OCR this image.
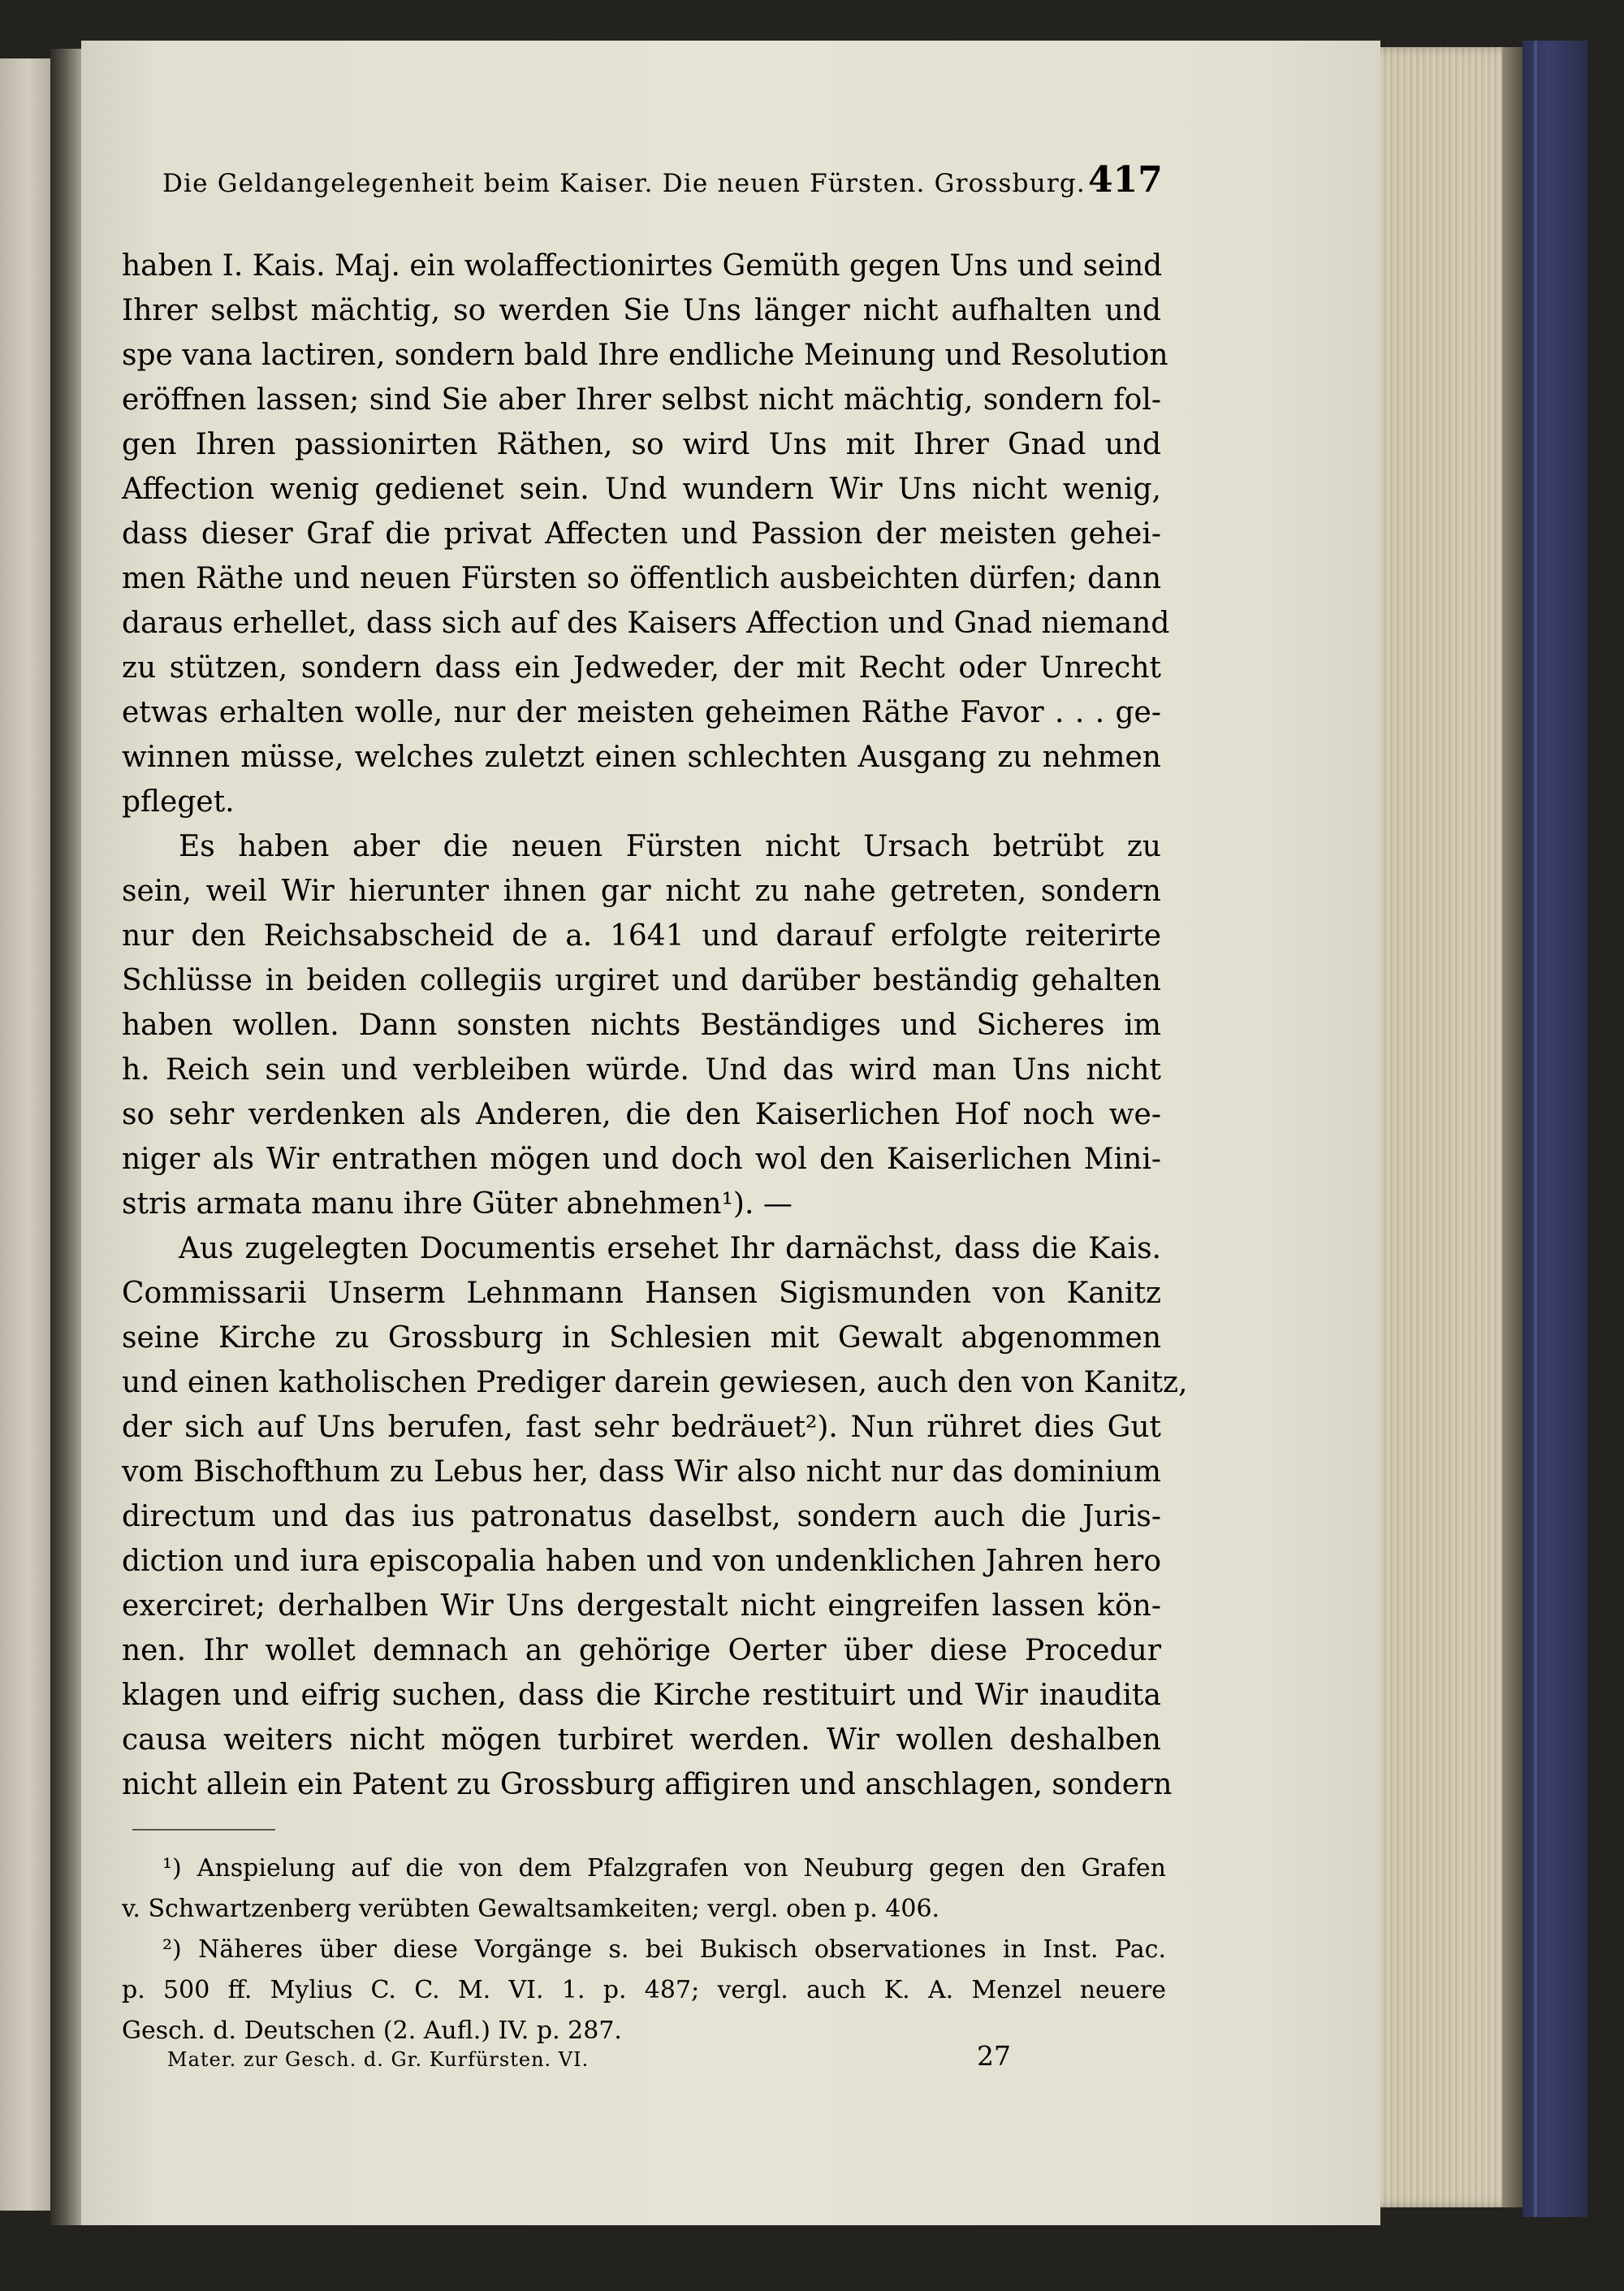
Die Geldangelegenheit beim Kaiser. Die neuen Fürsten. Grossburg. 417
haben I. Kais. Maj. ein wolaffectionirtes Gemüth gegen Uns und seind
Ihrer selbst mächtig, so werden Sie Uns länger nicht aufhalten und
spe vana lactiren, sondern bald Ihre endliche Meinung und Resolution
eröffnen lassen; sind Sie aber Ihrer selbst nicht mächtig, sondern fol-
gen Ihren passionirten Räthen, so wird Uns mit Ihrer Gnad und
Affection wenig gedienet sein. Und wundern Wir Uns nicht wenig,
dass dieser Graf die privat Affecten und Passion der meisten gehei-
men Räthe und neuen Fürsten so öffentlich ausbeichten dürfen; dann
daraus erhellet, dass sich auf des Kaisers Affection und Gnad niemand
zu stützen, sondern dass ein Jedweder, der mit Recht oder Unrecht
etwas erhalten wolle, nur der meisten geheimen Räthe Favor . . . ge-
winnen müsse, welches zuletzt einen schlechten Ausgang zu nehmen
pfleget.
Es haben aber die neuen Fürsten nicht Ursach betrübt zu
sein, weil Wir hierunter ihnen gar nicht zu nahe getreten, sondern
nur den Reichsabscheid de a. 1641 und darauf erfolgte reiterirte
Schlüsse in beiden collegiis urgiret und darüber beständig gehalten
haben wollen. Dann sonsten nichts Beständiges und Sicheres im
h. Reich sein und verbleiben würde. Und das wird man Uns nicht
so sehr verdenken als Anderen, die den Kaiserlichen Hof noch we-
niger als Wir entrathen mögen und doch wol den Kaiserlichen Mini-
stris armata manu ihre Güter abnehmen¹). —
Aus zugelegten Documentis ersehet Ihr darnächst, dass die Kais.
Commissarii Unserm Lehnmann Hansen Sigismunden von Kanitz
seine Kirche zu Grossburg in Schlesien mit Gewalt abgenommen
und einen katholischen Prediger darein gewiesen, auch den von Kanitz,
der sich auf Uns berufen, fast sehr bedräuet²). Nun rühret dies Gut
vom Bischofthum zu Lebus her, dass Wir also nicht nur das dominium
directum und das ius patronatus daselbst, sondern auch die Juris-
diction und iura episcopalia haben und von undenklichen Jahren hero
exerciret; derhalben Wir Uns dergestalt nicht eingreifen lassen kön-
nen. Ihr wollet demnach an gehörige Oerter über diese Procedur
klagen und eifrig suchen, dass die Kirche restituirt und Wir inaudita
causa weiters nicht mögen turbiret werden. Wir wollen deshalben
nicht allein ein Patent zu Grossburg affigiren und anschlagen, sondern
¹) Anspielung auf die von dem Pfalzgrafen von Neuburg gegen den Grafen
v. Schwartzenberg verübten Gewaltsamkeiten; vergl. oben p. 406.
²) Näheres über diese Vorgänge s. bei Bukisch observationes in Inst. Pac.
p. 500 ff. Mylius C. C. M. VI. 1. p. 487; vergl. auch K. A. Menzel neuere
Gesch. d. Deutschen (2. Aufl.) IV. p. 287.
Mater. zur Gesch. d. Gr. Kurfürsten. VI.	27
